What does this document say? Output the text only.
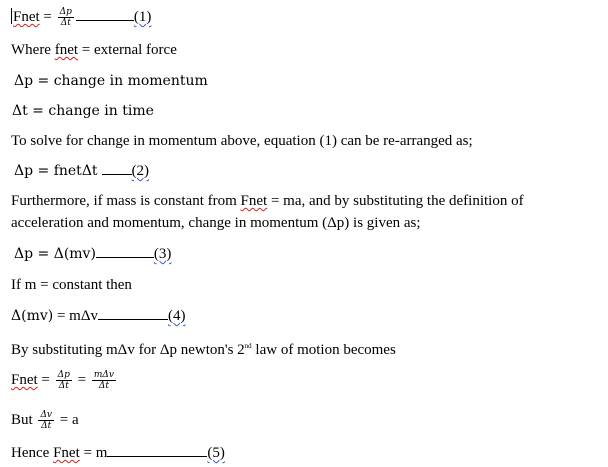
Fnet = $\frac{\Delta p}{\Delta t}$	(1)
Where fnet = external force
Δp = change in momentum
Δt = change in time
To solve for change in momentum above, equation (1) can be re-arranged as;
Δp = fnetΔt (2)
Furthermore, if mass is constant from Fnet = ma, and by substituting the definition of
acceleration and momentum, change in momentum (Δp) is given as;
Δp = Δ(mv)	(3)
If m = constant then
Δ(mv) = mΔv	(4)
By substituting mΔv for Δp newton's 2nd law of motion becomes
Fnet = $\frac{\Delta p}{\Delta t} = \frac{\text{mΔv}}{\Delta t}$
But $\frac{\Delta v}{\Delta t} = a$
Hence Fnet = m	(5)
